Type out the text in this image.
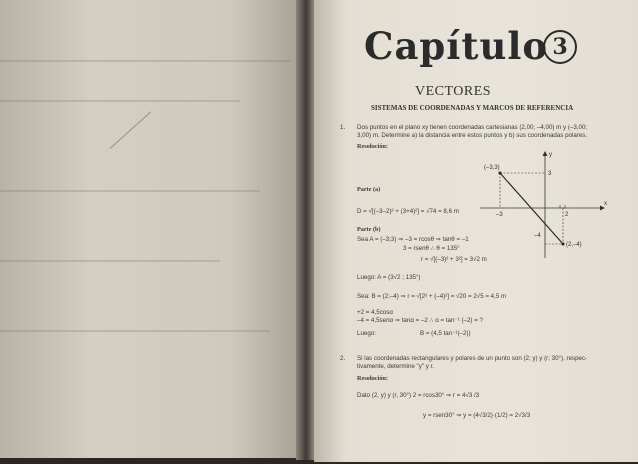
Capítulo 3
VECTORES
SISTEMAS DE COORDENADAS Y MARCOS DE REFERENCIA
1. Dos puntos en el plano xy tienen coordenadas cartesianas (2,00; –4,00) m y (–3,00;
3,00) m. Determine a) la distancia entre estos puntos y b) sus coordenadas polares.
Resolución:
(–3,3)
(2,–4)
y
x
3
–3	2
–4
Parte (a)
D = √[(–3–2)² + (3+4)²] = √74 = 8,6 m
Parte (b)
Sea A = (–3;3) ⇒ –3 = rcosθ ⇒ tanθ = –1
3 = rsenθ ∴ θ = 135°
r = √[(–3)² + 3²] = 3√2 m
Luego: A = (3√2 ; 135°)
Sea: B = (2;–4) ⇒ r = √[2² + (–4)²] = √20 = 2√5 = 4,5 m
+2 = 4,5cosα
–4 = 4,5senα ⇒ tanα = –2 ∴ α = tan⁻¹ (–2) = ?
Luego:	B = (4,5 tan⁻¹(–2))
2. Si las coordenadas rectangulares y polares de un punto son (2; y) y (r; 30°), respec-
tivamente, determine "y" y r.
Resolución:
Dato (2, y) y (r, 30°) 2 = rcos30° ⇒ r = 4√3 /3
y = rsen30° ⇒ y = (4√3/2)·(1/2) = 2√3/3
